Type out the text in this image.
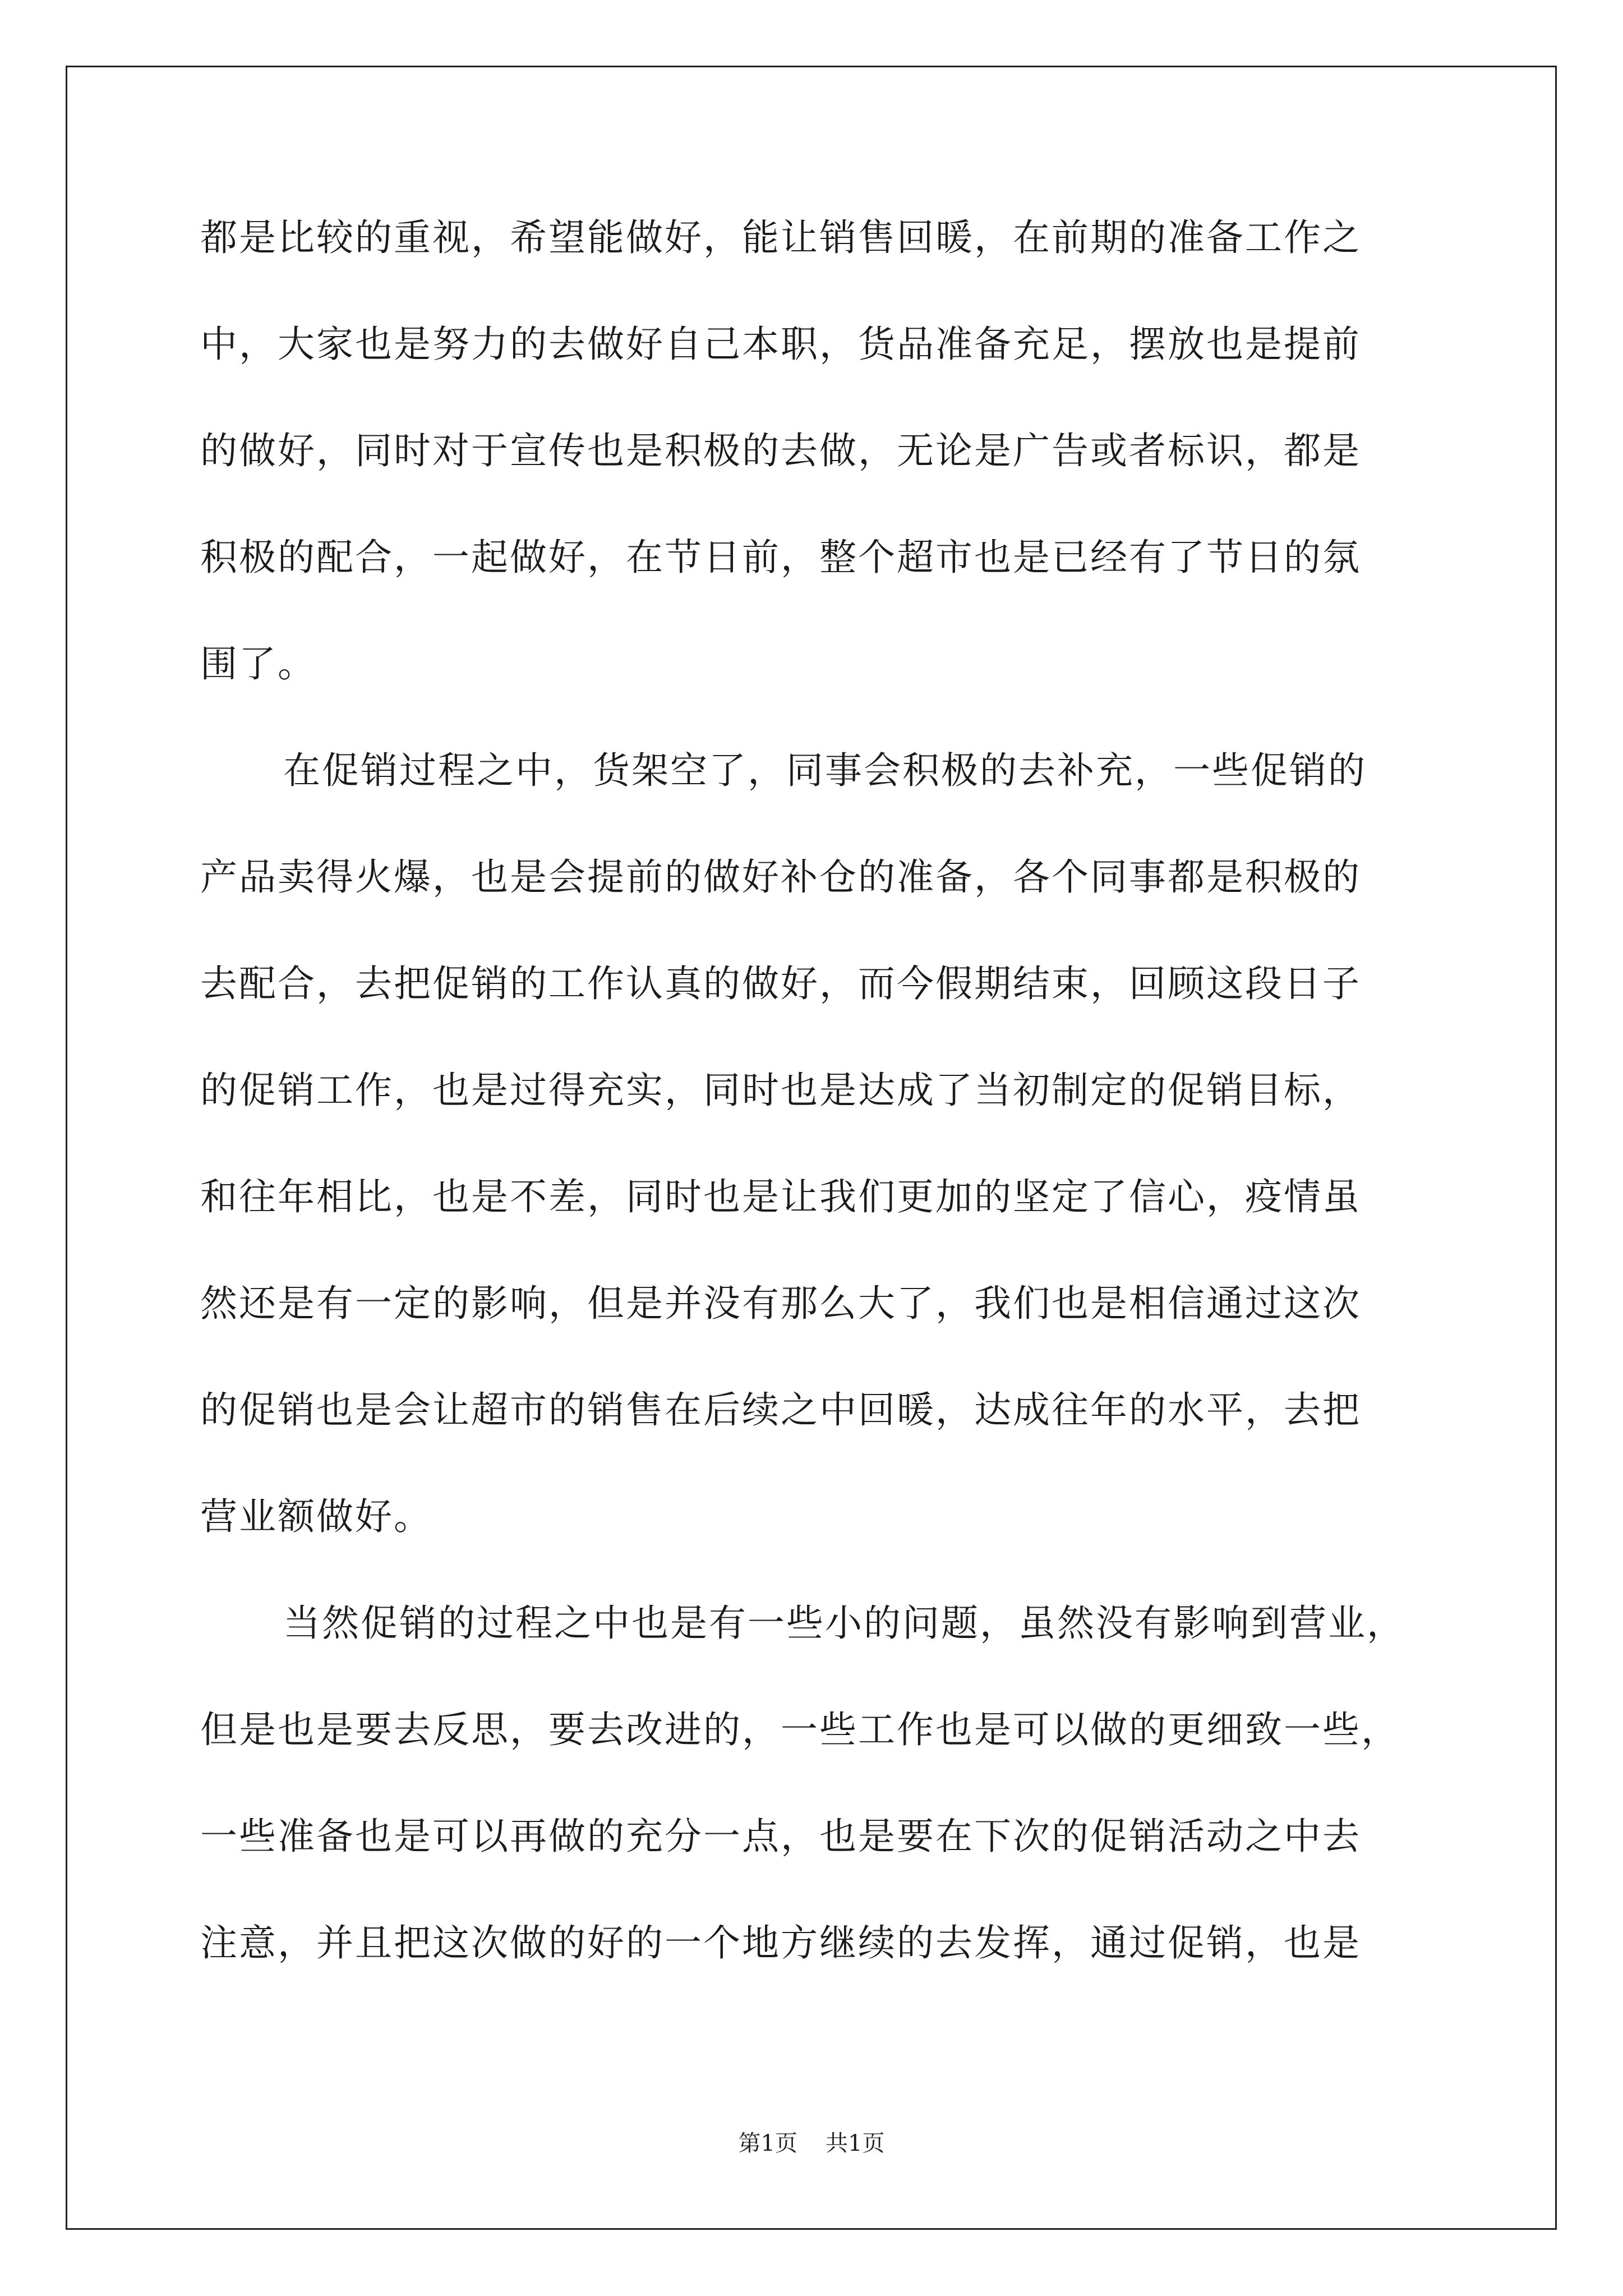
都是比较的重视，希望能做好，能让销售回暖，在前期的准备工作之
中，大家也是努力的去做好自己本职，货品准备充足，摆放也是提前
的做好，同时对于宣传也是积极的去做，无论是广告或者标识，都是
积极的配合，一起做好，在节日前，整个超市也是已经有了节日的氛
围了。
在促销过程之中，货架空了，同事会积极的去补充，一些促销的
产品卖得火爆，也是会提前的做好补仓的准备，各个同事都是积极的
去配合，去把促销的工作认真的做好，而今假期结束，回顾这段日子
的促销工作，也是过得充实，同时也是达成了当初制定的促销目标，
和往年相比，也是不差，同时也是让我们更加的坚定了信心，疫情虽
然还是有一定的影响，但是并没有那么大了，我们也是相信通过这次
的促销也是会让超市的销售在后续之中回暖，达成往年的水平，去把
营业额做好。
当然促销的过程之中也是有一些小的问题，虽然没有影响到营业，
但是也是要去反思，要去改进的，一些工作也是可以做的更细致一些，
一些准备也是可以再做的充分一点，也是要在下次的促销活动之中去
注意，并且把这次做的好的一个地方继续的去发挥，通过促销，也是
第1页 共1页
